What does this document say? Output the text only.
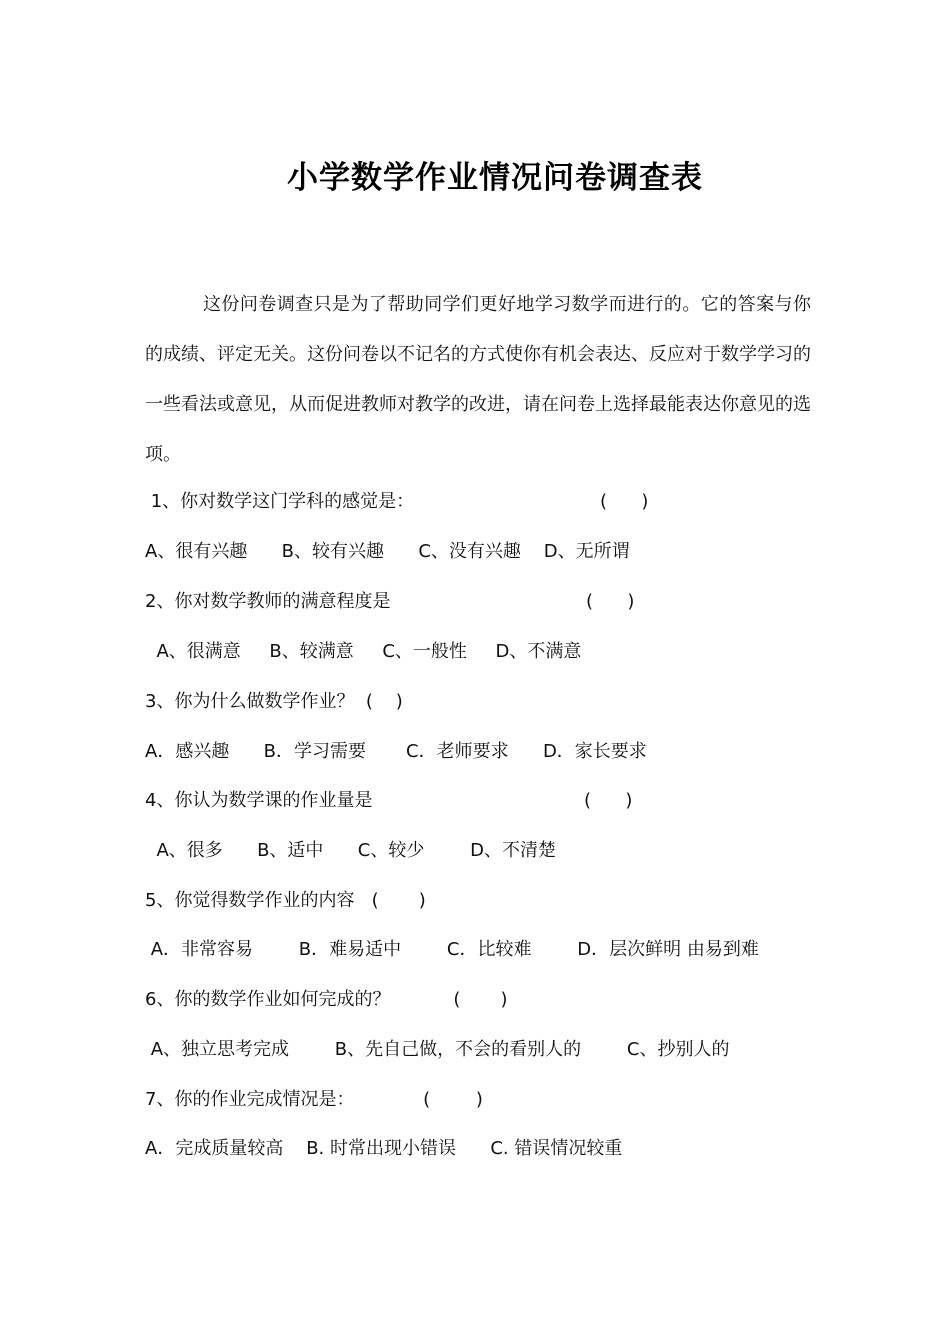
小学数学作业情况问卷调查表
这份问卷调查只是为了帮助同学们更好地学习数学而进行的。它的答案与你的成绩、评定无关。这份问卷以不记名的方式使你有机会表达、反应对于数学学习的一些看法或意见，从而促进教师对教学的改进，请在问卷上选择最能表达你意见的选项。
1、你对数学这门学科的感觉是：	(      )
A、很有兴趣      B、较有兴趣      C、没有兴趣    D、无所谓
2、你对数学教师的满意程度是	(      )
A、很满意     B、较满意     C、一般性     D、不满意
3、你为什么做数学作业？  (    )
A．感兴趣      B．学习需要       C．老师要求      D．家长要求
4、你认为数学课的作业量是	(      )
A、很多      B、适中      C、较少        D、不清楚
5、你觉得数学作业的内容   (       )
A．非常容易        B．难易适中        C．比较难        D．层次鲜明 由易到难
6、你的数学作业如何完成的？           (       )
A、独立思考完成        B、先自己做，不会的看别人的        C、抄别人的
7、你的作业完成情况是：            (        )
A．完成质量较高    B. 时常出现小错误      C. 错误情况较重
